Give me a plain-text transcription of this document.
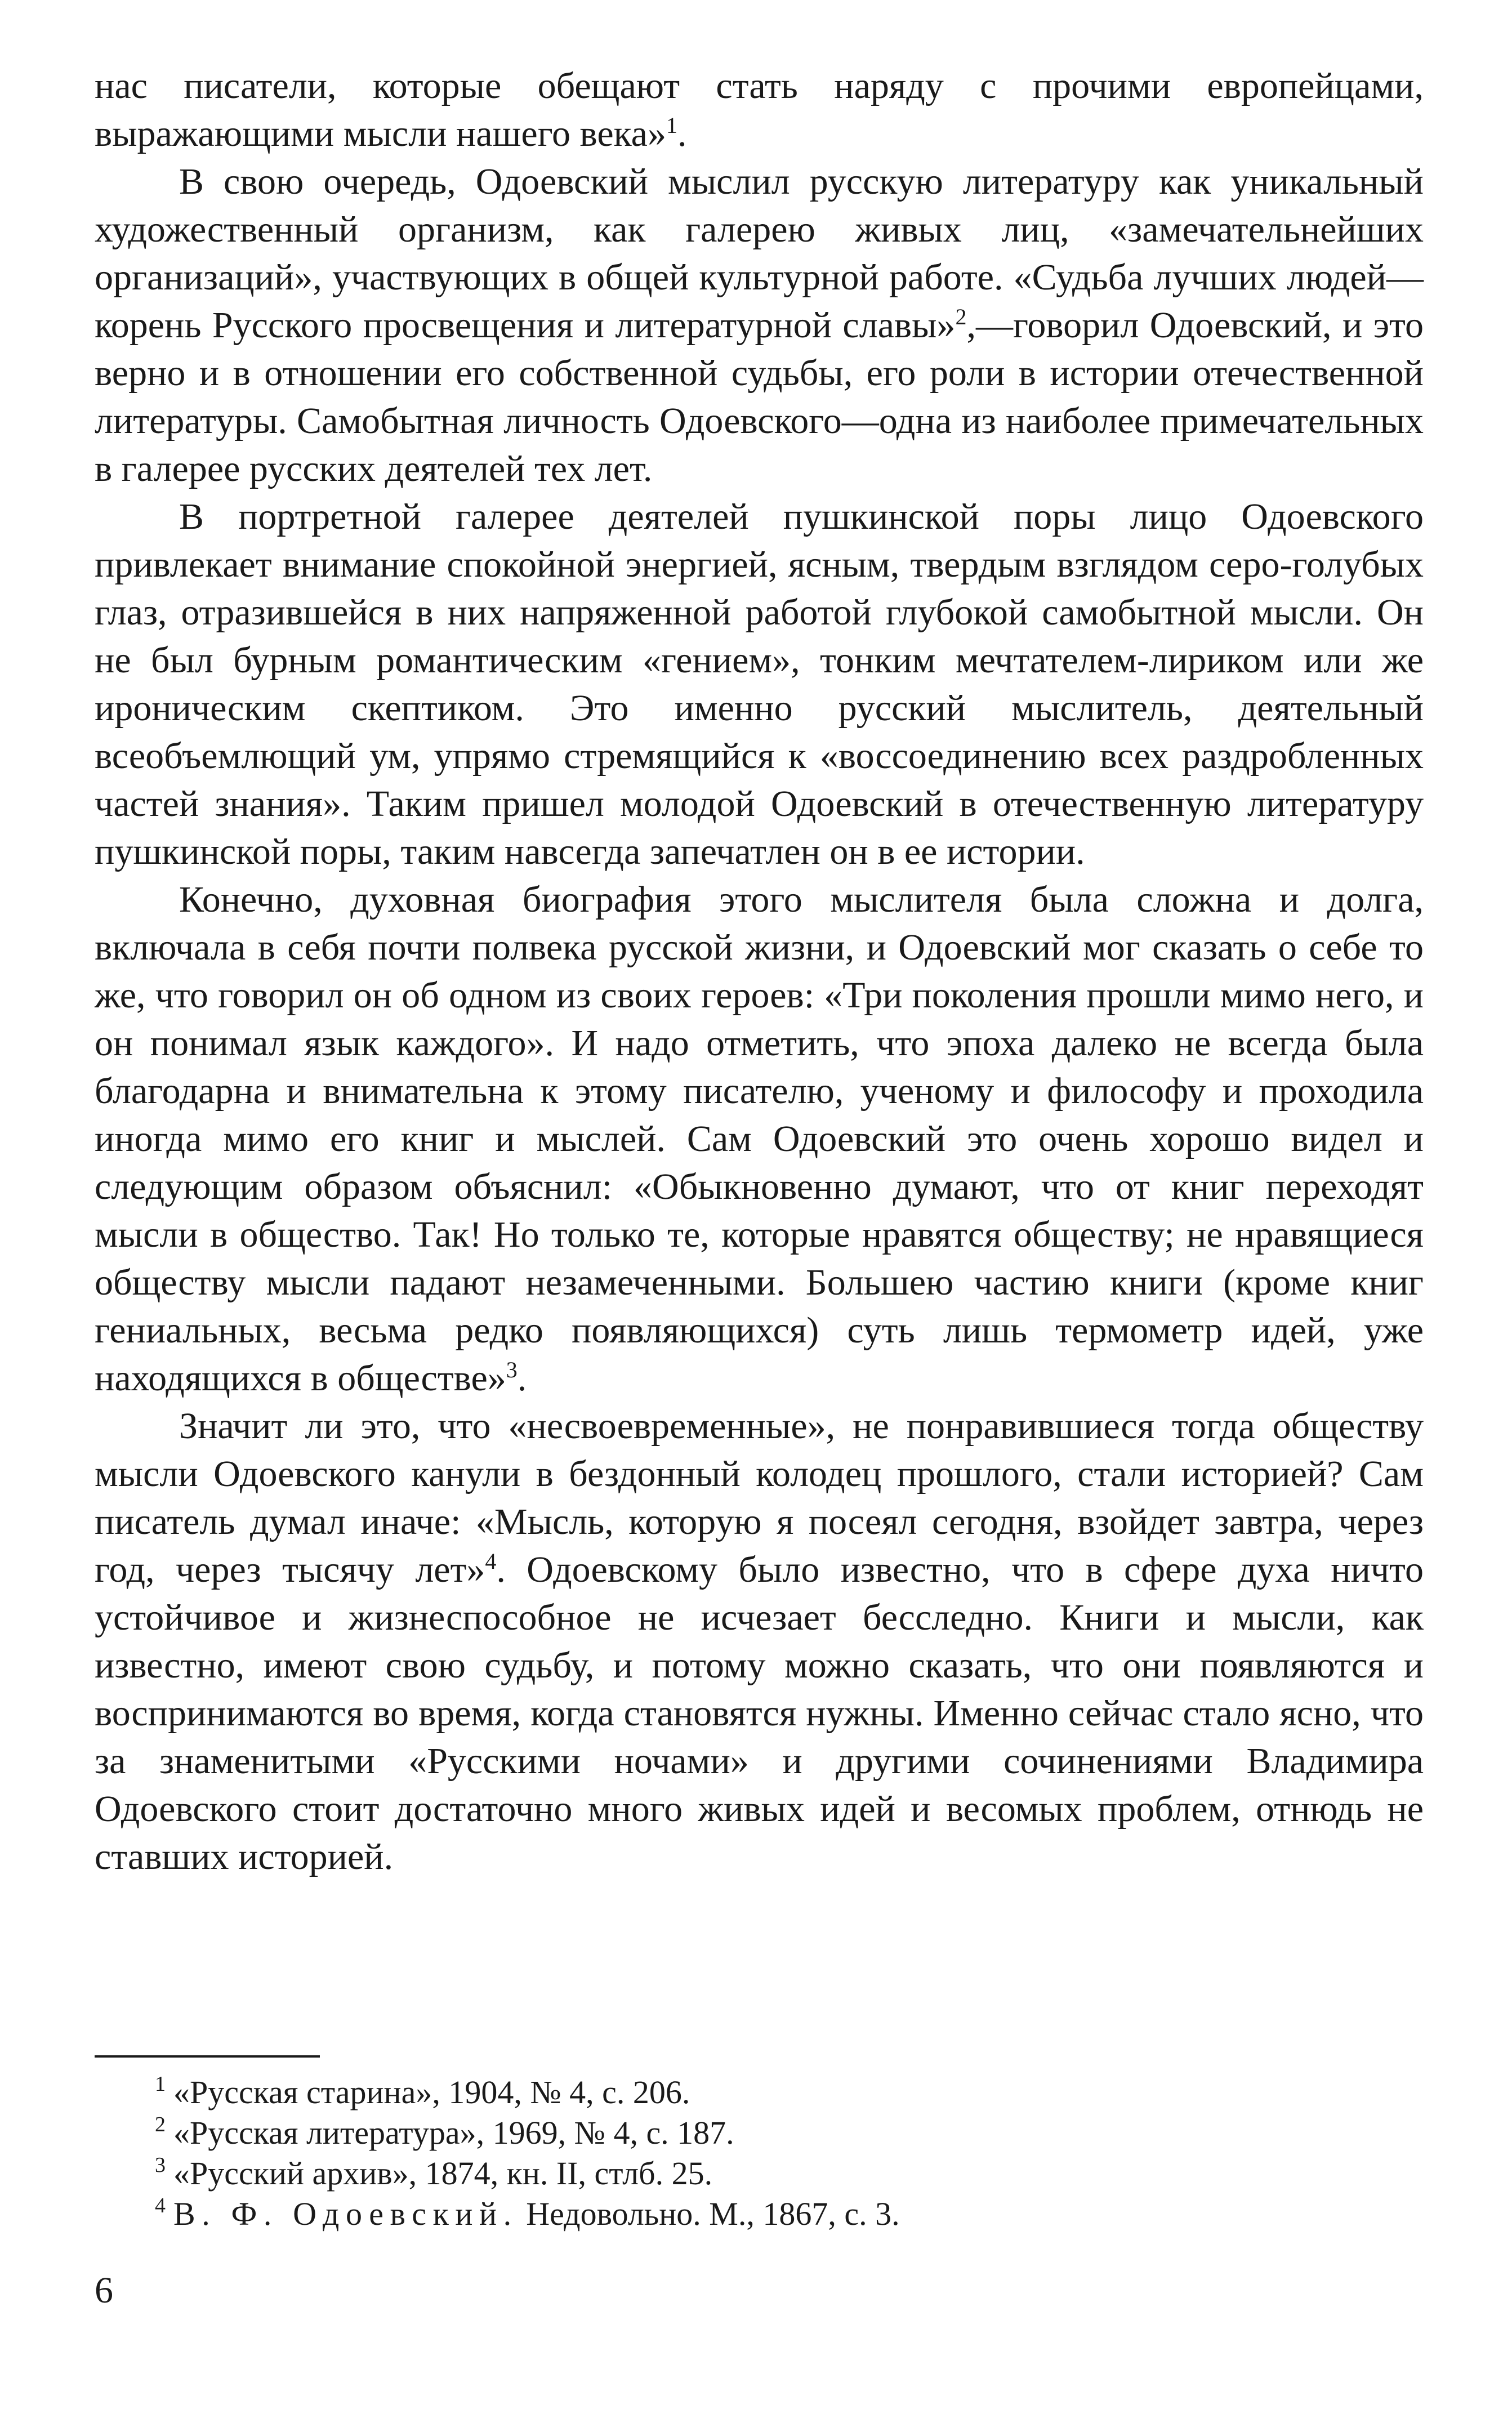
нас писатели, которые обещают стать наряду с прочими европейцами, выражающими мысли нашего века»$^1$.

В свою очередь, Одоевский мыслил русскую литературу как уникальный художественный организм, как галерею живых лиц, «замечательнейших организаций», участвующих в общей культурной работе. «Судьба лучших людей—корень Русского просвещения и литературной славы»$^2$,—говорил Одоевский, и это верно и в отношении его собственной судьбы, его роли в истории отечественной литературы. Самобытная личность Одоевского—одна из наиболее примечательных в галерее русских деятелей тех лет.

В портретной галерее деятелей пушкинской поры лицо Одоевского привлекает внимание спокойной энергией, ясным, твердым взглядом серо-голубых глаз, отразившейся в них напряженной работой глубокой самобытной мысли. Он не был бурным романтическим «гением», тонким мечтателем-лириком или же ироническим скептиком. Это именно русский мыслитель, деятельный всеобъемлющий ум, упрямо стремящийся к «воссоединению всех раздробленных частей знания». Таким пришел молодой Одоевский в отечественную литературу пушкинской поры, таким навсегда запечатлен он в ее истории.

Конечно, духовная биография этого мыслителя была сложна и долга, включала в себя почти полвека русской жизни, и Одоевский мог сказать о себе то же, что говорил он об одном из своих героев: «Три поколения прошли мимо него, и он понимал язык каждого». И надо отметить, что эпоха далеко не всегда была благодарна и внимательна к этому писателю, ученому и философу и проходила иногда мимо его книг и мыслей. Сам Одоевский это очень хорошо видел и следующим образом объяснил: «Обыкновенно думают, что от книг переходят мысли в общество. Так! Но только те, которые нравятся обществу; не нравящиеся обществу мысли падают незамеченными. Большею частию книги (кроме книг гениальных, весьма редко появляющихся) суть лишь термометр идей, уже находящихся в обществе»$^3$.

Значит ли это, что «несвоевременные», не понравившиеся тогда обществу мысли Одоевского канули в бездонный колодец прошлого, стали историей? Сам писатель думал иначе: «Мысль, которую я посеял сегодня, взойдет завтра, через год, через тысячу лет»$^4$. Одоевскому было известно, что в сфере духа ничто устойчивое и жизнеспособное не исчезает бесследно. Книги и мысли, как известно, имеют свою судьбу, и потому можно сказать, что они появляются и воспринимаются во время, когда становятся нужны. Именно сейчас стало ясно, что за знаменитыми «Русскими ночами» и другими сочинениями Владимира Одоевского стоит достаточно много живых идей и весомых проблем, отнюдь не ставших историей.

1 «Русская старина», 1904, № 4, с. 206.

2 «Русская литература», 1969, № 4, с. 187.

3 «Русский архив», 1874, кн. II, стлб. 25.

4 В. Ф. Одоевский. Недовольно. М., 1867, с. 3.

6
